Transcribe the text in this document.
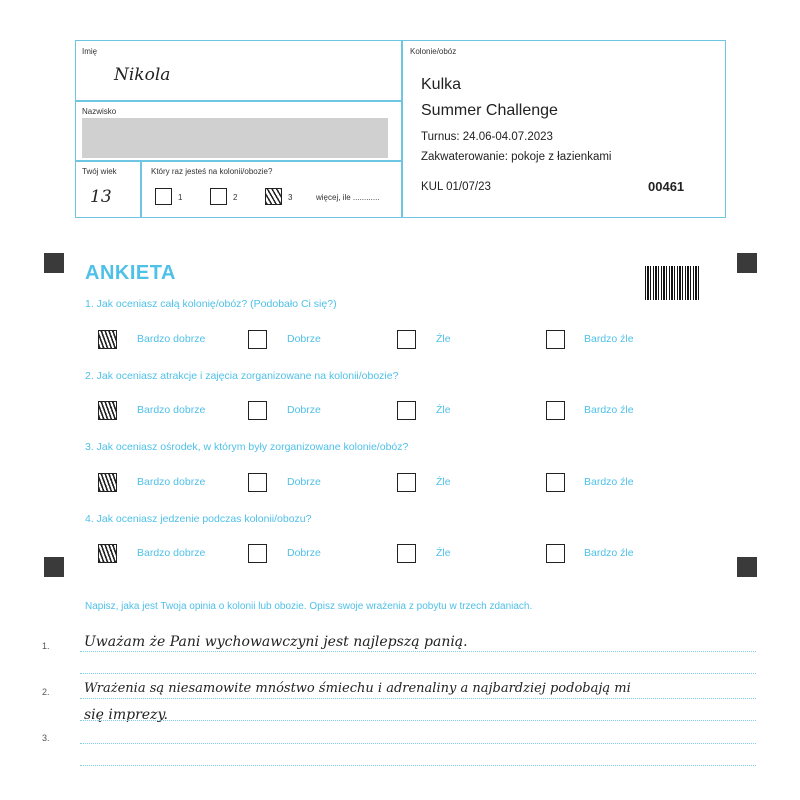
Imię
Nikola
Nazwisko
Twój wiek
13
Który raz jesteś na kolonii/obozie?
1	2	3	więcej, ile ............
Kolonie/obóz
Kulka
Summer Challenge
Turnus: 24.06-04.07.2023
Zakwaterowanie: pokoje z łazienkami
KUL 01/07/23	00461
ANKIETA
1. Jak oceniasz całą kolonię/obóz? (Podobało Ci się?)
Bardzo dobrze	Dobrze	Źle	Bardzo źle
2. Jak oceniasz atrakcje i zajęcia zorganizowane na kolonii/obozie?
Bardzo dobrze	Dobrze	Źle	Bardzo źle
3. Jak oceniasz ośrodek, w którym były zorganizowane kolonie/obóz?
Bardzo dobrze	Dobrze	Źle	Bardzo źle
4. Jak oceniasz jedzenie podczas kolonii/obozu?
Bardzo dobrze	Dobrze	Źle	Bardzo źle
Napisz, jaka jest Twoja opinia o kolonii lub obozie. Opisz swoje wrażenia z pobytu w trzech zdaniach.
1. Uważam że Pani wychowawczyni jest najlepszą panią.
2.	Wrażenia są niesamowite mnóstwo śmiechu i adrenaliny a najbardziej podobają mi
się imprezy.
3.
